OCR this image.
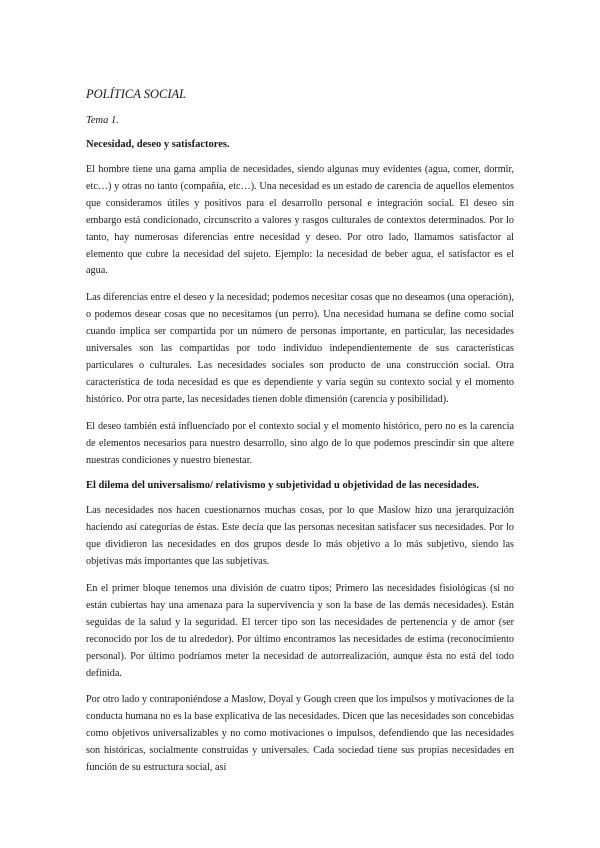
POLÍTICA SOCIAL
Tema 1.
Necesidad, deseo y satisfactores.

El hombre tiene una gama amplia de necesidades, siendo algunas muy evidentes (agua, comer, dormir, etc…) y otras no tanto (compañía, etc…). Una necesidad es un estado de carencia de aquellos elementos que consideramos útiles y positivos para el desarrollo personal e integración social. El deseo sin embargo está condicionado, circunscrito a valores y rasgos culturales de contextos determinados. Por lo tanto, hay numerosas diferencias entre necesidad y deseo. Por otro lado, llamamos satisfactor al elemento que cubre la necesidad del sujeto. Ejemplo: la necesidad de beber agua, el satisfactor es el agua.

Las diferencias entre el deseo y la necesidad; podemos necesitar cosas que no deseamos (una operación), o podemos desear cosas que no necesitamos (un perro). Una necesidad humana se define como social cuando implica ser compartida por un número de personas importante, en particular, las necesidades universales son las compartidas por todo individuo independientemente de sus características particulares o culturales. Las necesidades sociales son producto de una construcción social. Otra característica de toda necesidad es que es dependiente y varía según su contexto social y el momento histórico. Por otra parte, las necesidades tienen doble dimensión (carencia y posibilidad).

El deseo también está influenciado por el contexto social y el momento histórico, pero no es la carencia de elementos necesarios para nuestro desarrollo, sino algo de lo que podemos prescindir sin que altere nuestras condiciones y nuestro bienestar.

El dilema del universalismo/ relativismo y subjetividad u objetividad de las necesidades.

Las necesidades nos hacen cuestionarnos muchas cosas, por lo que Maslow hizo una jerarquización haciendo así categorías de éstas. Este decía que las personas necesitan satisfacer sus necesidades. Por lo que dividieron las necesidades en dos grupos desde lo más objetivo a lo más subjetivo, siendo las objetivas más importantes que las subjetivas.

En el primer bloque tenemos una división de cuatro tipos; Primero las necesidades fisiológicas (si no están cubiertas hay una amenaza para la supervivencia y son la base de las demás necesidades). Están seguidas de la salud y la seguridad. El tercer tipo son las necesidades de pertenencia y de amor (ser reconocido por los de tu alrededor). Por último encontramos las necesidades de estima (reconocimiento personal). Por último podríamos meter la necesidad de autorrealización, aunque ésta no está del todo definida.

Por otro lado y contraponiéndose a Maslow, Doyal y Gough creen que los impulsos y motivaciones de la conducta humana no es la base explicativa de las necesidades. Dicen que las necesidades son concebidas como objetivos universalizables y no como motivaciones o impulsos, defendiendo que las necesidades son históricas, socialmente construidas y universales. Cada sociedad tiene sus propias necesidades en función de su estructura social, así
